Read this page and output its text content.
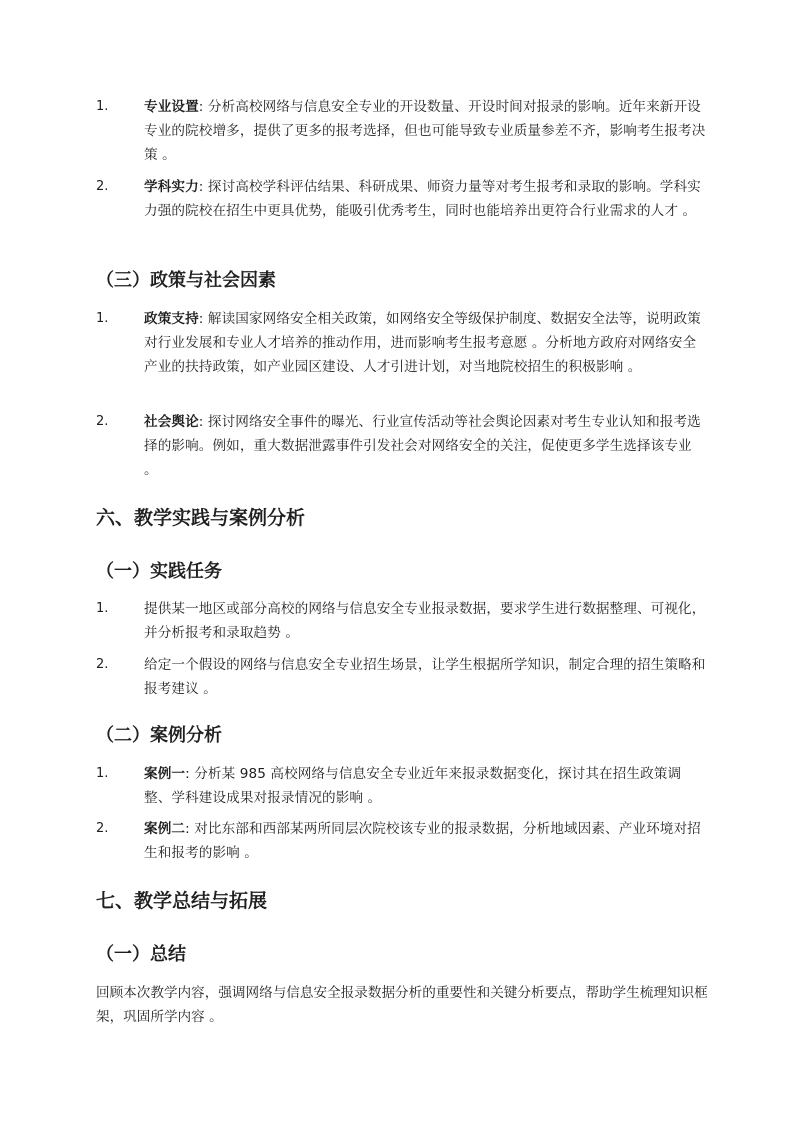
1.	专业设置: 分析高校网络与信息安全专业的开设数量、开设时间对报录的影响。近年来新开设专业的院校增多，提供了更多的报考选择，但也可能导致专业质量参差不齐，影响考生报考决策 。
2.	学科实力: 探讨高校学科评估结果、科研成果、师资力量等对考生报考和录取的影响。学科实力强的院校在招生中更具优势，能吸引优秀考生，同时也能培养出更符合行业需求的人才 。
（三）政策与社会因素
1.	政策支持: 解读国家网络安全相关政策，如网络安全等级保护制度、数据安全法等，说明政策对行业发展和专业人才培养的推动作用，进而影响考生报考意愿 。分析地方政府对网络安全产业的扶持政策，如产业园区建设、人才引进计划，对当地院校招生的积极影响 。
2.	社会舆论: 探讨网络安全事件的曝光、行业宣传活动等社会舆论因素对考生专业认知和报考选择的影响。例如，重大数据泄露事件引发社会对网络安全的关注，促使更多学生选择该专业 。
六、教学实践与案例分析
（一）实践任务
1.	提供某一地区或部分高校的网络与信息安全专业报录数据，要求学生进行数据整理、可视化，并分析报考和录取趋势 。
2.	给定一个假设的网络与信息安全专业招生场景，让学生根据所学知识，制定合理的招生策略和报考建议 。
（二）案例分析
1.	案例一: 分析某 985 高校网络与信息安全专业近年来报录数据变化，探讨其在招生政策调整、学科建设成果对报录情况的影响 。
2.	案例二: 对比东部和西部某两所同层次院校该专业的报录数据，分析地域因素、产业环境对招生和报考的影响 。
七、教学总结与拓展
（一）总结
回顾本次教学内容，强调网络与信息安全报录数据分析的重要性和关键分析要点，帮助学生梳理知识框架，巩固所学内容 。
